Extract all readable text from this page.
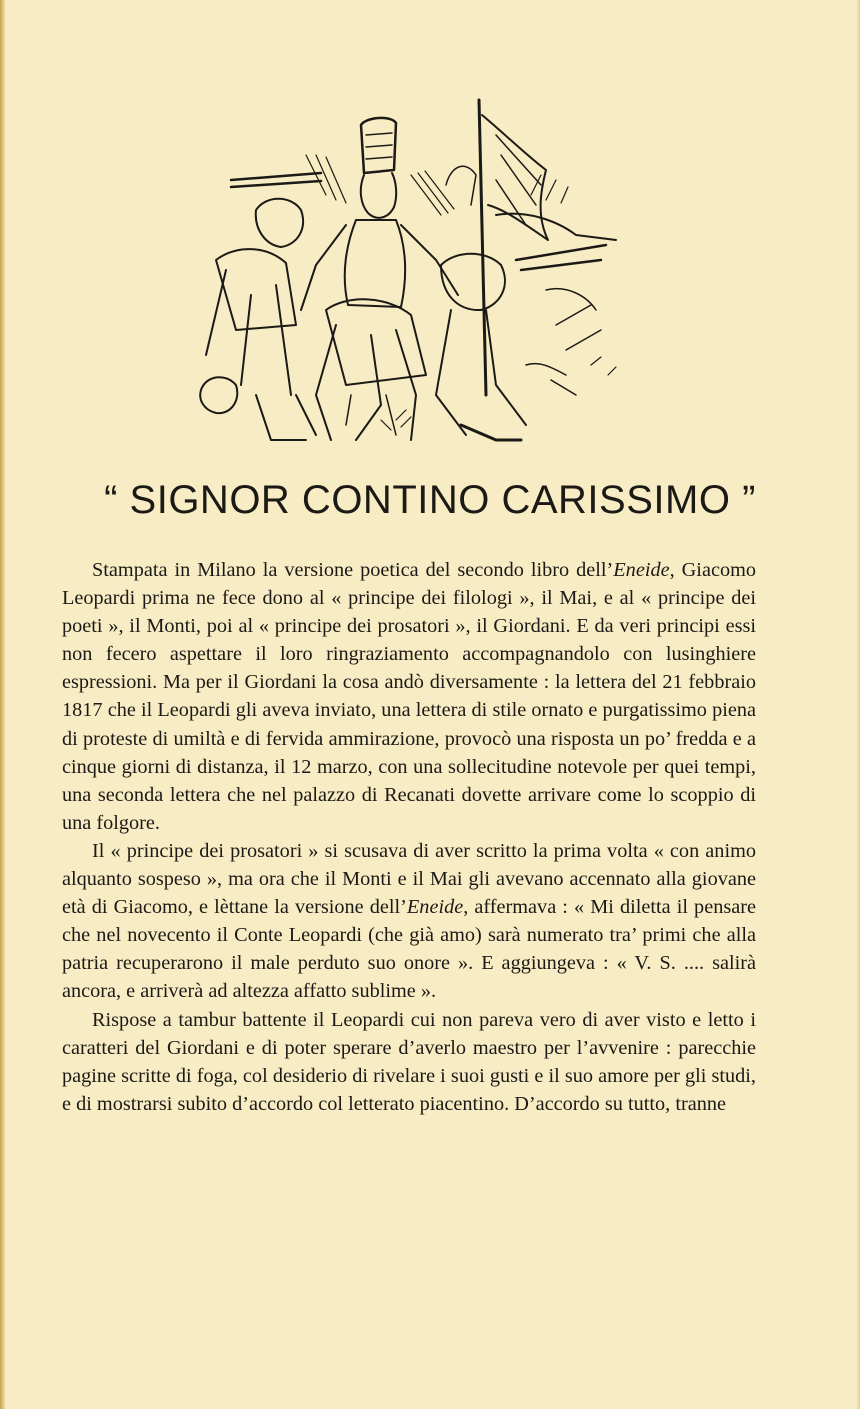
“ SIGNOR CONTINO CARISSIMO ”

Stampata in Milano la versione poetica del secondo libro dell’Eneide, Giacomo Leopardi prima ne fece dono al « principe dei filologi », il Mai, e al « principe dei poeti », il Monti, poi al « principe dei prosatori », il Giordani. E da veri principi essi non fecero aspettare il loro ringraziamento accompagnandolo con lusinghiere espressioni. Ma per il Giordani la cosa andò diversamente : la lettera del 21 febbraio 1817 che il Leopardi gli aveva inviato, una lettera di stile ornato e purgatissimo piena di proteste di umiltà e di fervida ammirazione, provocò una risposta un po’ fredda e a cinque giorni di distanza, il 12 marzo, con una sollecitudine notevole per quei tempi, una seconda lettera che nel palazzo di Recanati dovette arrivare come lo scoppio di una folgore.

Il « principe dei prosatori » si scusava di aver scritto la prima volta « con animo alquanto sospeso », ma ora che il Monti e il Mai gli avevano accennato alla giovane età di Giacomo, e lèttane la versione dell’Eneide, affermava : « Mi diletta il pensare che nel novecento il Conte Leopardi (che già amo) sarà numerato tra’ primi che alla patria recuperarono il male perduto suo onore ». E aggiungeva : « V. S. .... salirà ancora, e arriverà ad altezza affatto sublime ».

Rispose a tambur battente il Leopardi cui non pareva vero di aver visto e letto i caratteri del Giordani e di poter sperare d’averlo maestro per l’avvenire : parecchie pagine scritte di foga, col desiderio di rivelare i suoi gusti e il suo amore per gli studi, e di mostrarsi subito d’accordo col letterato piacentino. D’accordo su tutto, tranne
